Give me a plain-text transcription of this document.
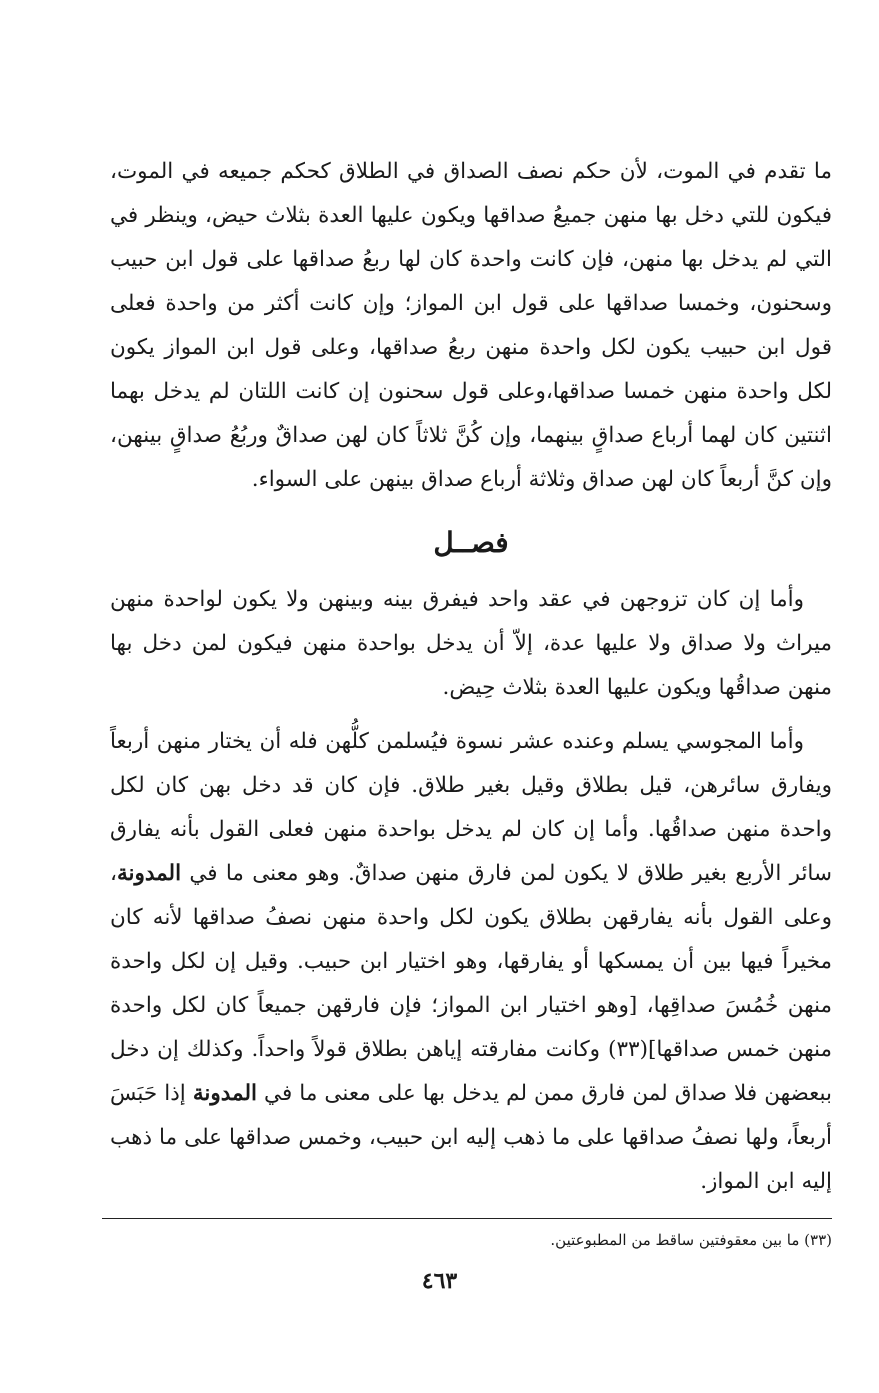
ما تقدم في الموت، لأن حكم نصف الصداق في الطلاق كحكم جميعه في الموت، فيكون للتي دخل بها منهن جميعُ صداقها ويكون عليها العدة بثلاث حيض، وينظر في التي لم يدخل بها منهن، فإن كانت واحدة كان لها ربعُ صداقها على قول ابن حبيب وسحنون، وخمسا صداقها على قول ابن المواز؛ وإن كانت أكثر من واحدة فعلى قول ابن حبيب يكون لكل واحدة منهن ربعُ صداقها، وعلى قول ابن المواز يكون لكل واحدة منهن خمسا صداقها،وعلى قول سحنون إن كانت اللتان لم يدخل بهما اثنتين كان لهما أرباع صداقٍ بينهما، وإن كُنَّ ثلاثاً كان لهن صداقٌ وربُعُ صداقٍ بينهن، وإن كنَّ أربعاً كان لهن صداق وثلاثة أرباع صداق بينهن على السواء.

فصــل

وأما إن كان تزوجهن في عقد واحد فيفرق بينه وبينهن ولا يكون لواحدة منهن ميراث ولا صداق ولا عليها عدة، إلاّ أن يدخل بواحدة منهن فيكون لمن دخل بها منهن صداقُها ويكون عليها العدة بثلاث حِيض.

وأما المجوسي يسلم وعنده عشر نسوة فيُسلمن كلُّهن فله أن يختار منهن أربعاً ويفارق سائرهن، قيل بطلاق وقيل بغير طلاق. فإن كان قد دخل بهن كان لكل واحدة منهن صداقُها. وأما إن كان لم يدخل بواحدة منهن فعلى القول بأنه يفارق سائر الأربع بغير طلاق لا يكون لمن فارق منهن صداقٌ. وهو معنى ما في المدونة، وعلى القول بأنه يفارقهن بطلاق يكون لكل واحدة منهن نصفُ صداقها لأنه كان مخيراً فيها بين أن يمسكها أو يفارقها، وهو اختيار ابن حبيب. وقيل إن لكل واحدة منهن خُمُسَ صداقِها، [وهو اختيار ابن المواز؛ فإن فارقهن جميعاً كان لكل واحدة منهن خمس صداقها](٣٣) وكانت مفارقته إياهن بطلاق قولاً واحداً. وكذلك إن دخل ببعضهن فلا صداق لمن فارق ممن لم يدخل بها على معنى ما في المدونة إذا حَبَسَ أربعاً، ولها نصفُ صداقها على ما ذهب إليه ابن حبيب، وخمس صداقها على ما ذهب إليه ابن المواز.

(٣٣) ما بين معقوفتين ساقط من المطبوعتين.

٤٦٣
